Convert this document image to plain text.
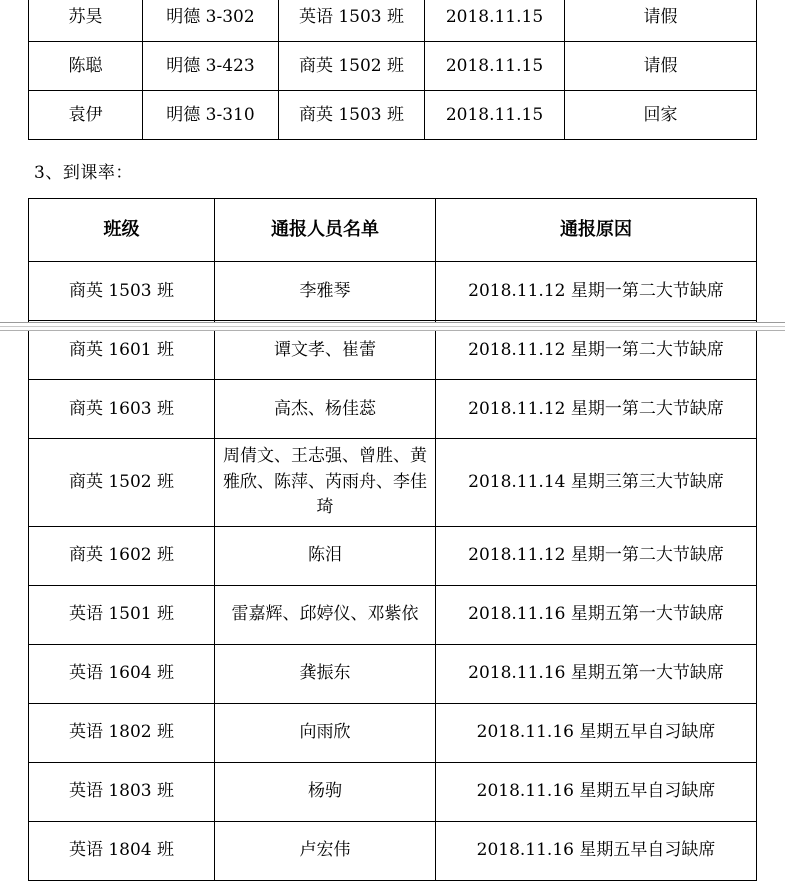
苏昊	明德 3-302	英语 1503 班	2018.11.15	请假
陈聪	明德 3-423	商英 1502 班	2018.11.15	请假
袁伊	明德 3-310	商英 1503 班	2018.11.15	回家
3、到课率：
班级	通报人员名单	通报原因
商英 1503 班	李雅琴	2018.11.12 星期一第二大节缺席
商英 1601 班	谭文孝、崔蕾	2018.11.12 星期一第二大节缺席
商英 1603 班	高杰、杨佳蕊	2018.11.12 星期一第二大节缺席
商英 1502 班	周倩文、王志强、曾胜、黄雅欣、陈萍、芮雨舟、李佳琦	2018.11.14 星期三第三大节缺席
商英 1602 班	陈泪	2018.11.12 星期一第二大节缺席
英语 1501 班	雷嘉辉、邱婷仪、邓紫依	2018.11.16 星期五第一大节缺席
英语 1604 班	龚振东	2018.11.16 星期五第一大节缺席
英语 1802 班	向雨欣	2018.11.16 星期五早自习缺席
英语 1803 班	杨驹	2018.11.16 星期五早自习缺席
英语 1804 班	卢宏伟	2018.11.16 星期五早自习缺席
